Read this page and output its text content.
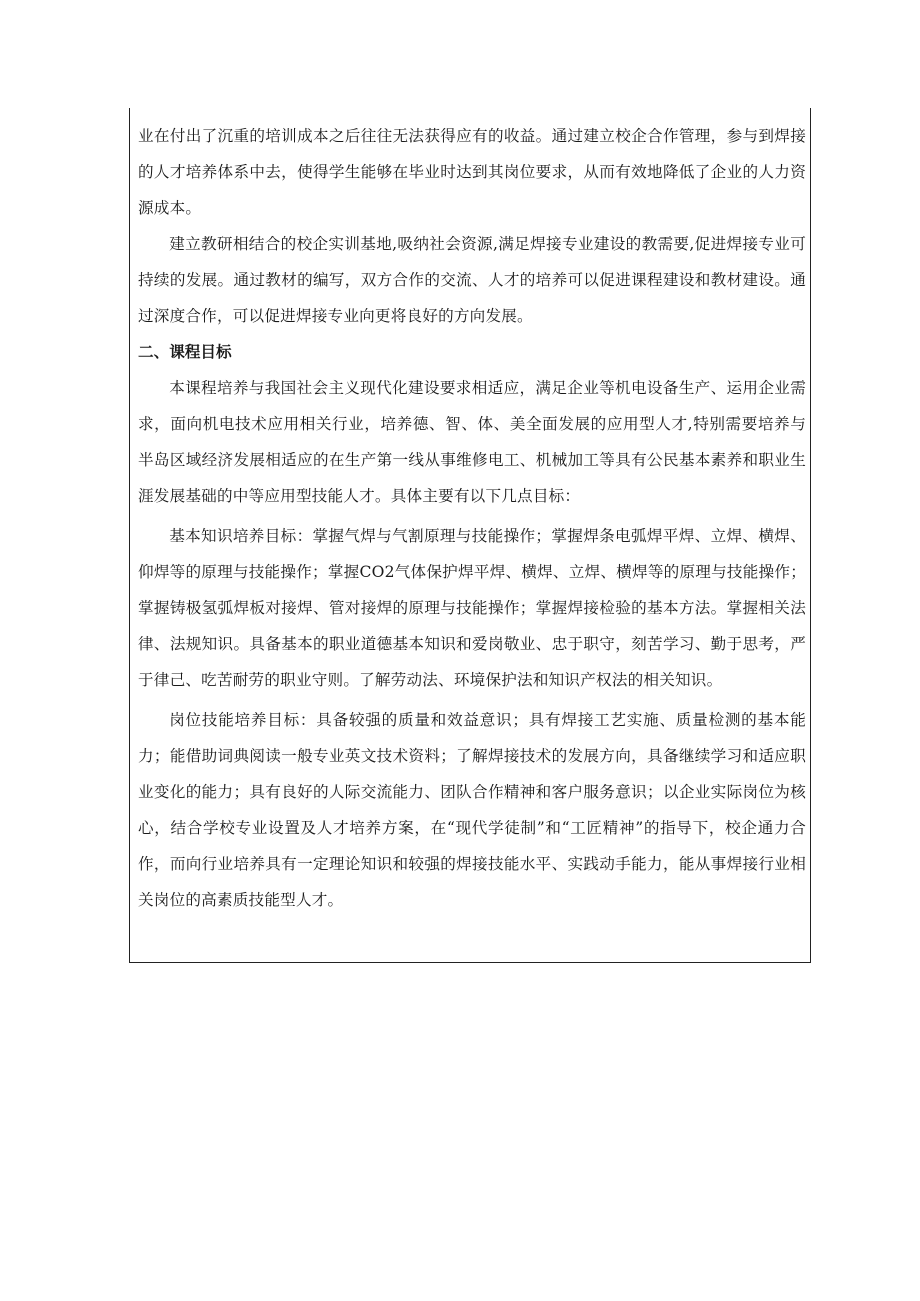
业在付出了沉重的培训成本之后往往无法获得应有的收益。通过建立校企合作管理，参与到焊接的人才培养体系中去，使得学生能够在毕业时达到其岗位要求，从而有效地降低了企业的人力资源成本。

建立教研相结合的校企实训基地,吸纳社会资源,满足焊接专业建设的教需要,促进焊接专业可持续的发展。通过教材的编写，双方合作的交流、人才的培养可以促进课程建设和教材建设。通过深度合作，可以促进焊接专业向更将良好的方向发展。

二、课程目标

本课程培养与我国社会主义现代化建设要求相适应，满足企业等机电设备生产、运用企业需求，面向机电技术应用相关行业，培养德、智、体、美全面发展的应用型人才,特别需要培养与半岛区域经济发展相适应的在生产第一线从事维修电工、机械加工等具有公民基本素养和职业生涯发展基础的中等应用型技能人才。具体主要有以下几点目标：

基本知识培养目标：掌握气焊与气割原理与技能操作；掌握焊条电弧焊平焊、立焊、横焊、仰焊等的原理与技能操作；掌握CO2气体保护焊平焊、横焊、立焊、横焊等的原理与技能操作；掌握铸极氢弧焊板对接焊、管对接焊的原理与技能操作；掌握焊接检验的基本方法。掌握相关法律、法规知识。具备基本的职业道德基本知识和爱岗敬业、忠于职守，刻苦学习、勤于思考，严于律己、吃苦耐劳的职业守则。了解劳动法、环境保护法和知识产权法的相关知识。

岗位技能培养目标：具备较强的质量和效益意识；具有焊接工艺实施、质量检测的基本能力；能借助词典阅读一般专业英文技术资料；了解焊接技术的发展方向，具备继续学习和适应职业变化的能力；具有良好的人际交流能力、团队合作精神和客户服务意识；以企业实际岗位为核心，结合学校专业设置及人才培养方案，在“现代学徒制”和“工匠精神”的指导下，校企通力合作，而向行业培养具有一定理论知识和较强的焊接技能水平、实践动手能力，能从事焊接行业相关岗位的高素质技能型人才。
